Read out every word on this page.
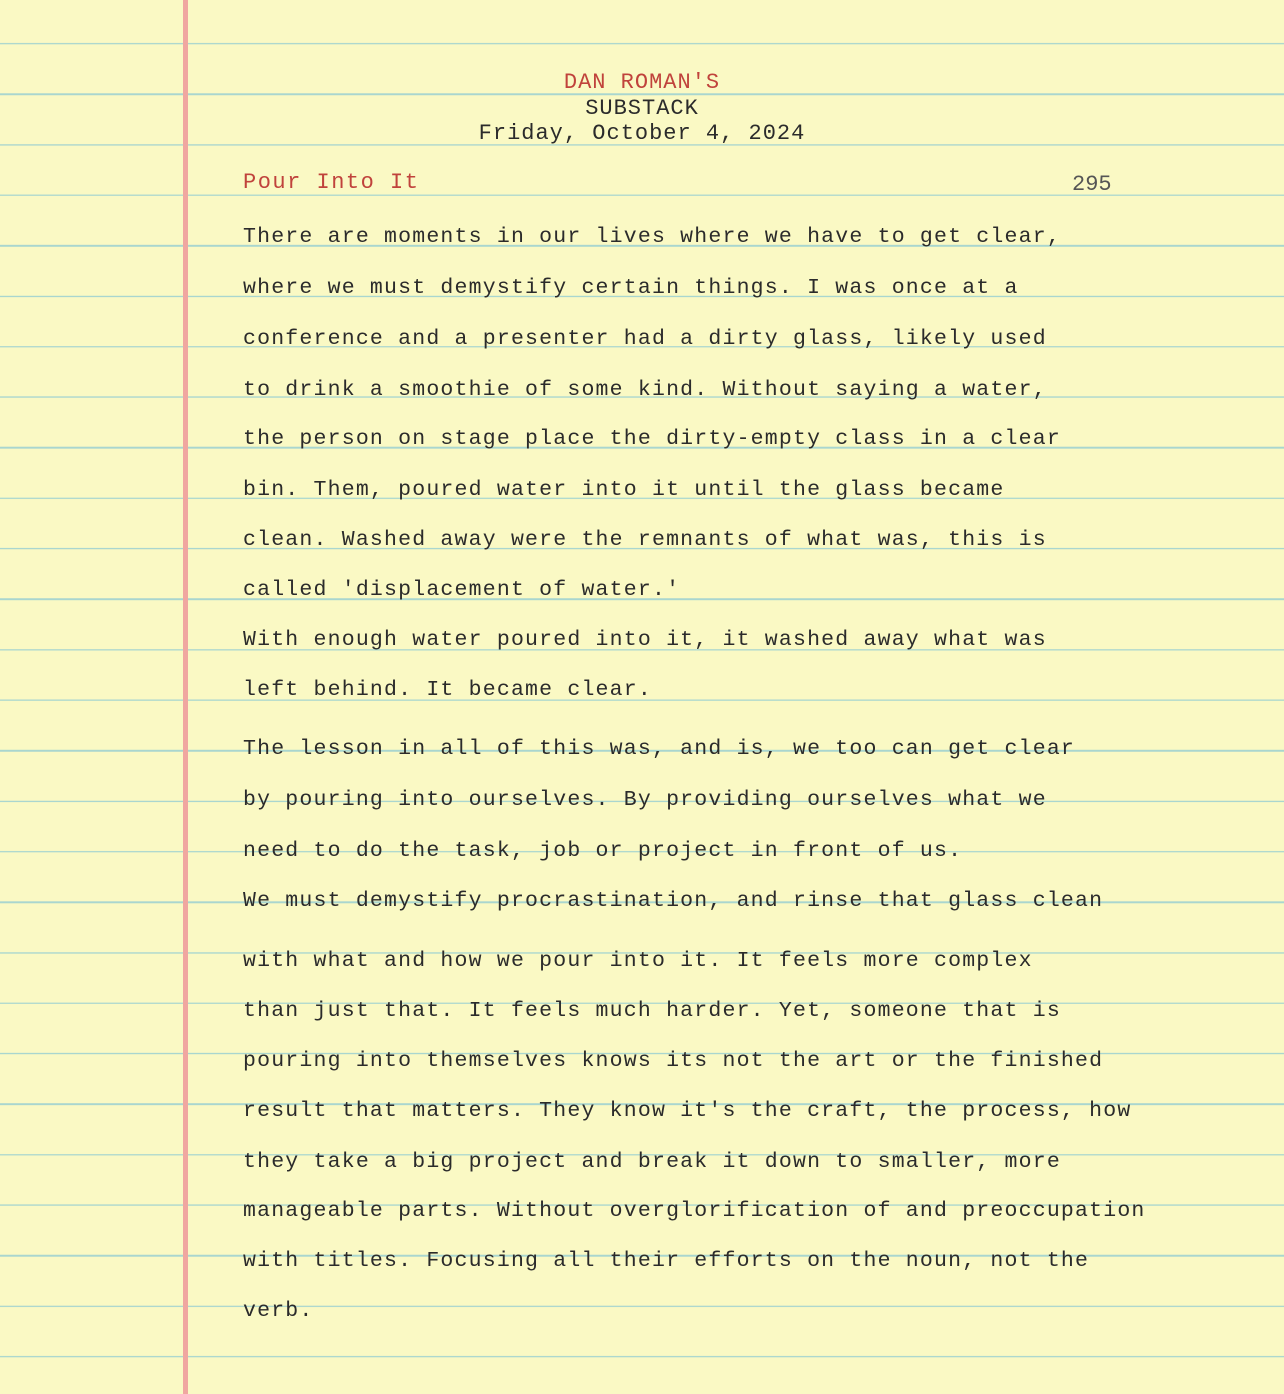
DAN ROMAN'S
SUBSTACK
Friday, October 4, 2024
Pour Into It	295
There are moments in our lives where we have to get clear,
where we must demystify certain things. I was once at a
conference and a presenter had a dirty glass, likely used
to drink a smoothie of some kind. Without saying a water,
the person on stage place the dirty-empty class in a clear
bin. Them, poured water into it until the glass became
clean. Washed away were the remnants of what was, this is
called 'displacement of water.'
With enough water poured into it, it washed away what was
left behind. It became clear.
The lesson in all of this was, and is, we too can get clear
by pouring into ourselves. By providing ourselves what we
need to do the task, job or project in front of us.
We must demystify procrastination, and rinse that glass clean
with what and how we pour into it. It feels more complex
than just that. It feels much harder. Yet, someone that is
pouring into themselves knows its not the art or the finished
result that matters. They know it's the craft, the process, how
they take a big project and break it down to smaller, more
manageable parts. Without overglorification of and preoccupation
with titles. Focusing all their efforts on the noun, not the
verb.
